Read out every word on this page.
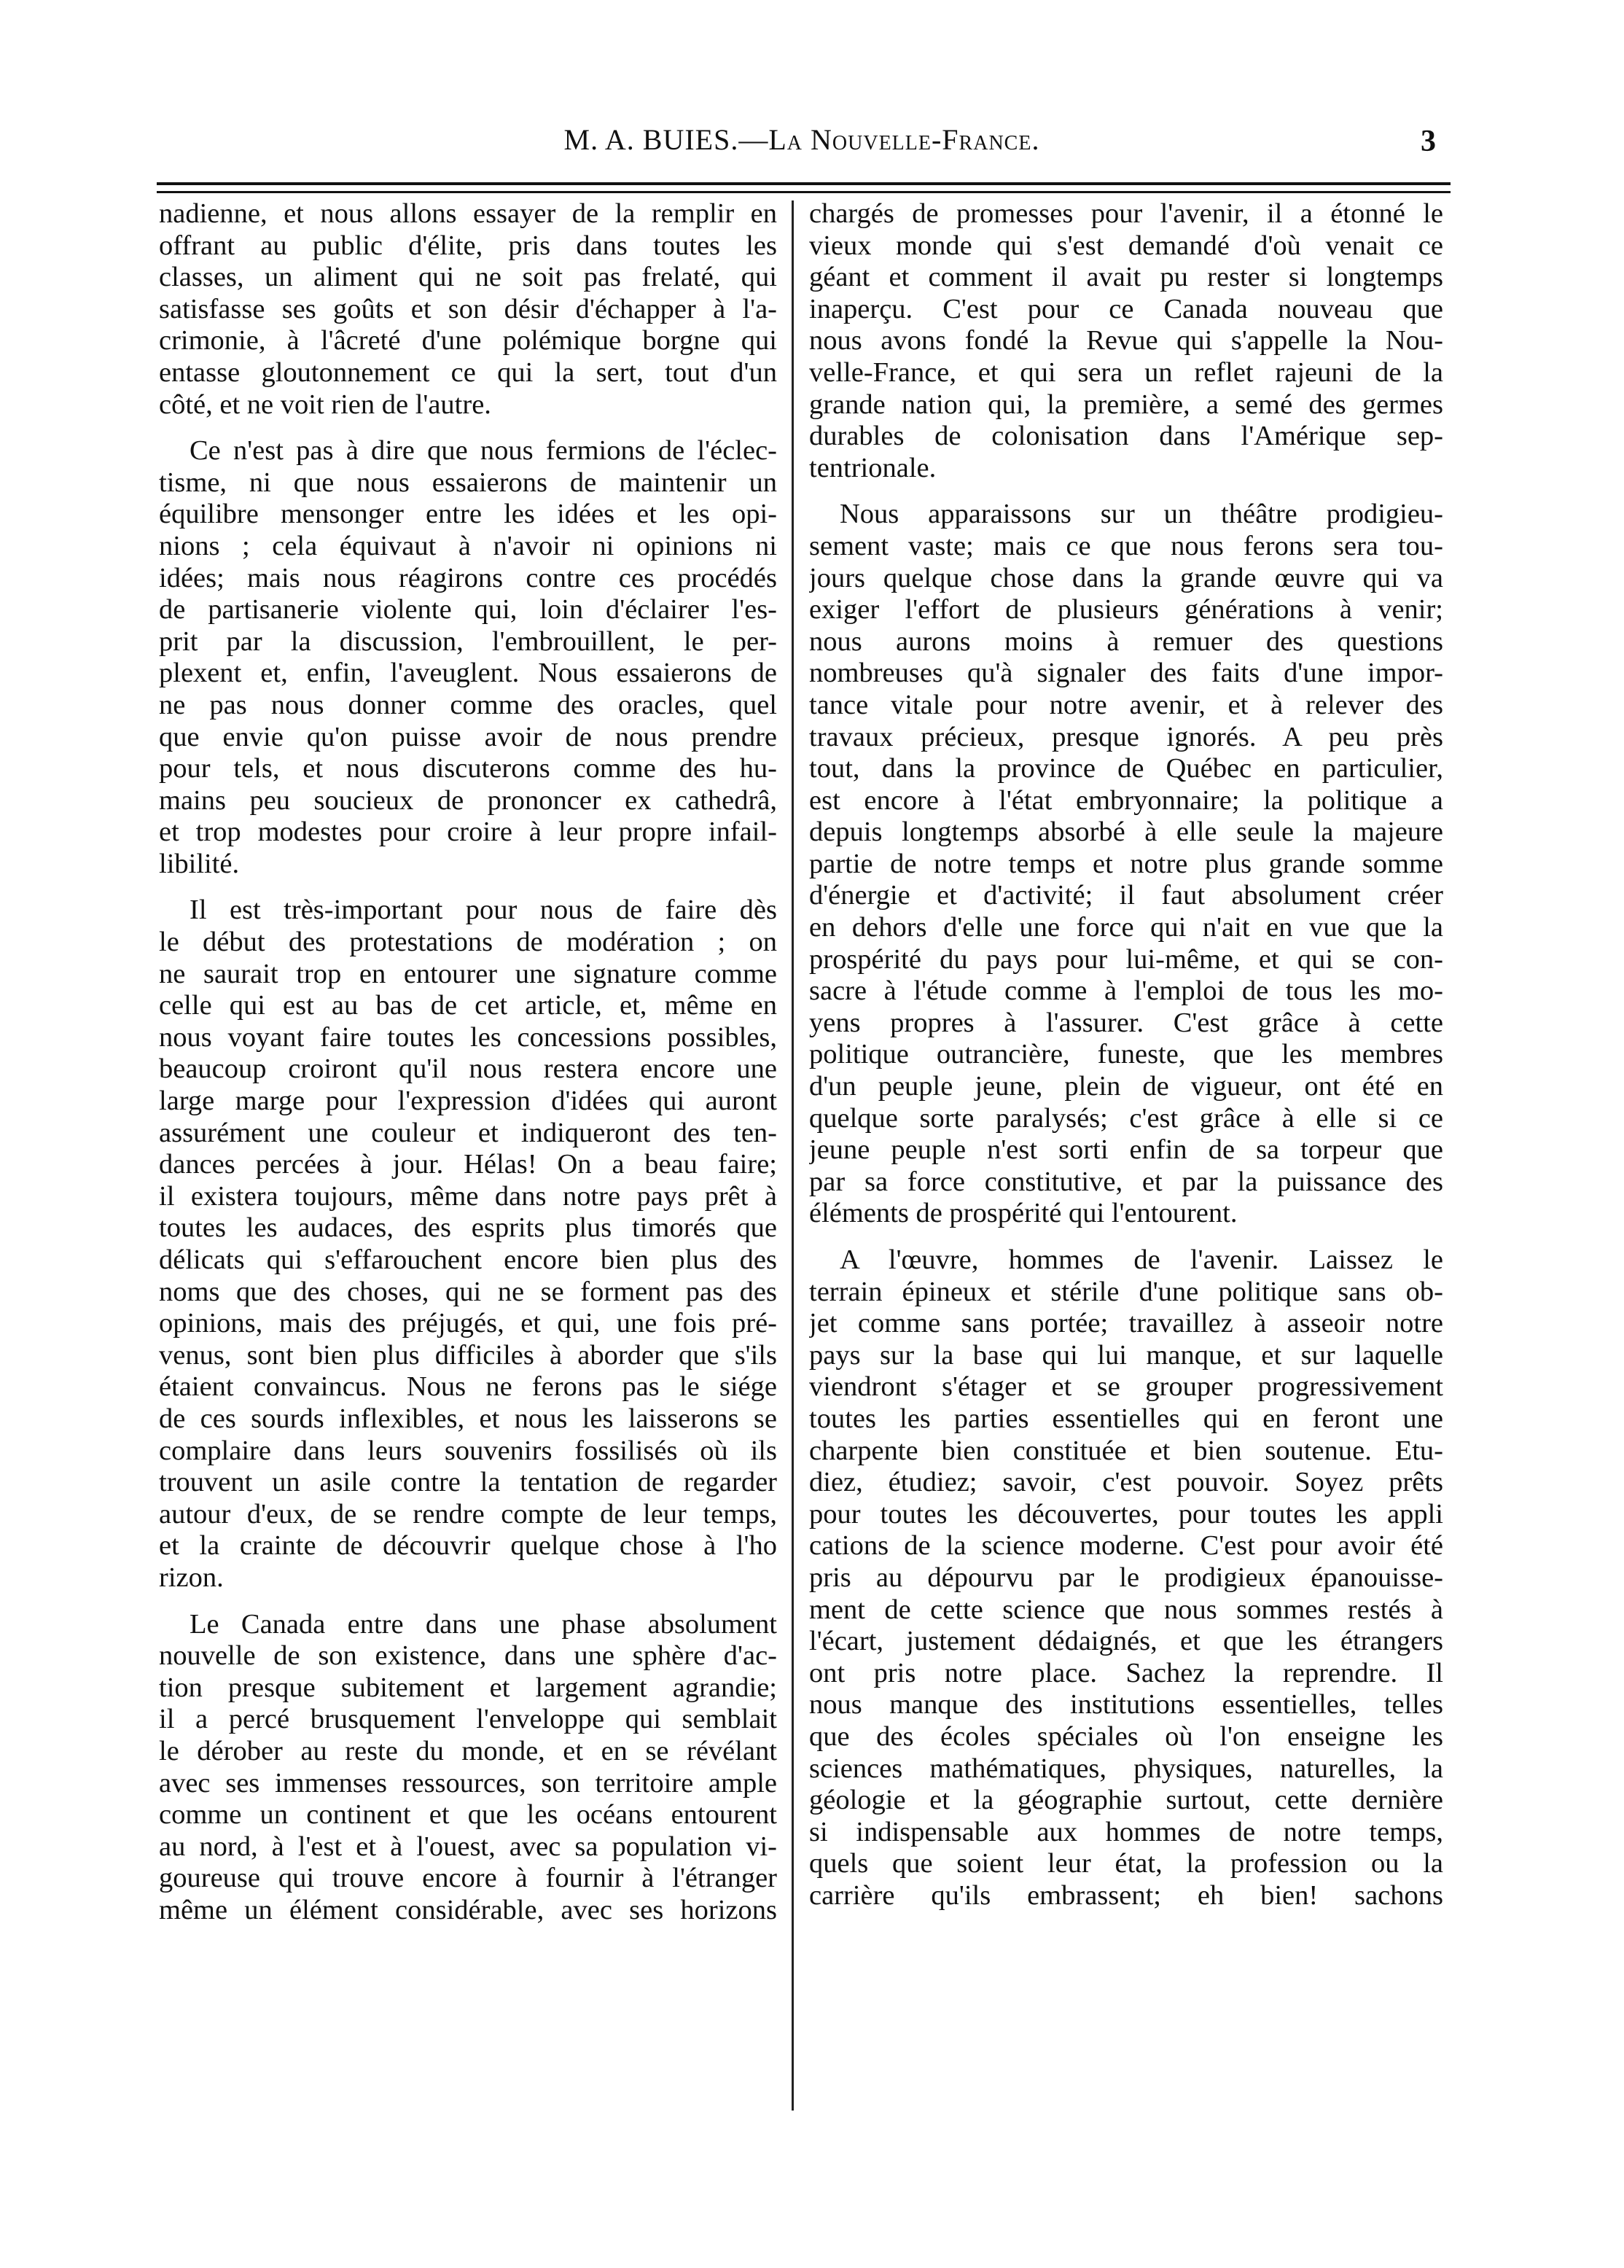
M. A. BUIES.—La Nouvelle-France.	3
nadienne, et nous allons essayer de la remplir en
offrant au public d'élite, pris dans toutes les
classes, un aliment qui ne soit pas frelaté, qui
satisfasse ses goûts et son désir d'échapper à l'a-
crimonie, à l'âcreté d'une polémique borgne qui
entasse gloutonnement ce qui la sert, tout d'un
côté, et ne voit rien de l'autre.
Ce n'est pas à dire que nous fermions de l'éclec-
tisme, ni que nous essaierons de maintenir un
équilibre mensonger entre les idées et les opi-
nions ; cela équivaut à n'avoir ni opinions ni
idées; mais nous réagirons contre ces procédés
de partisanerie violente qui, loin d'éclairer l'es-
prit par la discussion, l'embrouillent, le per-
plexent et, enfin, l'aveuglent. Nous essaierons de
ne pas nous donner comme des oracles, quel
que envie qu'on puisse avoir de nous prendre
pour tels, et nous discuterons comme des hu-
mains peu soucieux de prononcer ex cathedrâ,
et trop modestes pour croire à leur propre infail-
libilité.
Il est très-important pour nous de faire dès
le début des protestations de modération ; on
ne saurait trop en entourer une signature comme
celle qui est au bas de cet article, et, même en
nous voyant faire toutes les concessions possibles,
beaucoup croiront qu'il nous restera encore une
large marge pour l'expression d'idées qui auront
assurément une couleur et indiqueront des ten-
dances percées à jour. Hélas! On a beau faire;
il existera toujours, même dans notre pays prêt à
toutes les audaces, des esprits plus timorés que
délicats qui s'effarouchent encore bien plus des
noms que des choses, qui ne se forment pas des
opinions, mais des préjugés, et qui, une fois pré-
venus, sont bien plus difficiles à aborder que s'ils
étaient convaincus. Nous ne ferons pas le siége
de ces sourds inflexibles, et nous les laisserons se
complaire dans leurs souvenirs fossilisés où ils
trouvent un asile contre la tentation de regarder
autour d'eux, de se rendre compte de leur temps,
et la crainte de découvrir quelque chose à l'ho
rizon.
Le Canada entre dans une phase absolument
nouvelle de son existence, dans une sphère d'ac-
tion presque subitement et largement agrandie;
il a percé brusquement l'enveloppe qui semblait
le dérober au reste du monde, et en se révélant
avec ses immenses ressources, son territoire ample
comme un continent et que les océans entourent
au nord, à l'est et à l'ouest, avec sa population vi-
goureuse qui trouve encore à fournir à l'étranger
même un élément considérable, avec ses horizons
chargés de promesses pour l'avenir, il a étonné le
vieux monde qui s'est demandé d'où venait ce
géant et comment il avait pu rester si longtemps
inaperçu. C'est pour ce Canada nouveau que
nous avons fondé la Revue qui s'appelle la Nou-
velle-France, et qui sera un reflet rajeuni de la
grande nation qui, la première, a semé des germes
durables de colonisation dans l'Amérique sep-
tentrionale.
Nous apparaissons sur un théâtre prodigieu-
sement vaste; mais ce que nous ferons sera tou-
jours quelque chose dans la grande œuvre qui va
exiger l'effort de plusieurs générations à venir;
nous aurons moins à remuer des questions
nombreuses qu'à signaler des faits d'une impor-
tance vitale pour notre avenir, et à relever des
travaux précieux, presque ignorés. A peu près
tout, dans la province de Québec en particulier,
est encore à l'état embryonnaire; la politique a
depuis longtemps absorbé à elle seule la majeure
partie de notre temps et notre plus grande somme
d'énergie et d'activité; il faut absolument créer
en dehors d'elle une force qui n'ait en vue que la
prospérité du pays pour lui-même, et qui se con-
sacre à l'étude comme à l'emploi de tous les mo-
yens propres à l'assurer. C'est grâce à cette
politique outrancière, funeste, que les membres
d'un peuple jeune, plein de vigueur, ont été en
quelque sorte paralysés; c'est grâce à elle si ce
jeune peuple n'est sorti enfin de sa torpeur que
par sa force constitutive, et par la puissance des
éléments de prospérité qui l'entourent.
A l'œuvre, hommes de l'avenir. Laissez le
terrain épineux et stérile d'une politique sans ob-
jet comme sans portée; travaillez à asseoir notre
pays sur la base qui lui manque, et sur laquelle
viendront s'étager et se grouper progressivement
toutes les parties essentielles qui en feront une
charpente bien constituée et bien soutenue. Etu-
diez, étudiez; savoir, c'est pouvoir. Soyez prêts
pour toutes les découvertes, pour toutes les appli
cations de la science moderne. C'est pour avoir été
pris au dépourvu par le prodigieux épanouisse-
ment de cette science que nous sommes restés à
l'écart, justement dédaignés, et que les étrangers
ont pris notre place. Sachez la reprendre. Il
nous manque des institutions essentielles, telles
que des écoles spéciales où l'on enseigne les
sciences mathématiques, physiques, naturelles, la
géologie et la géographie surtout, cette dernière
si indispensable aux hommes de notre temps,
quels que soient leur état, la profession ou la
carrière qu'ils embrassent; eh bien! sachons
